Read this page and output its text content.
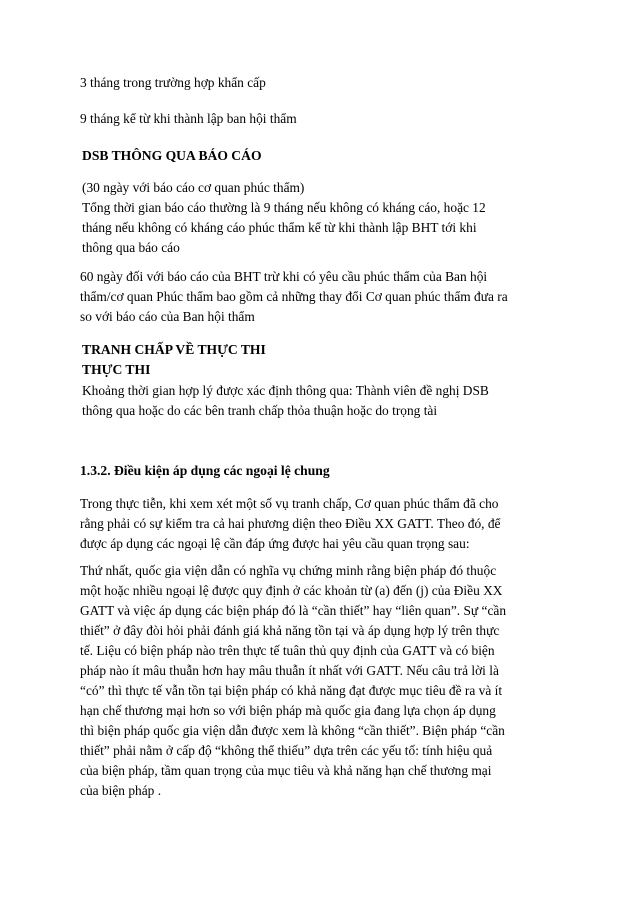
3 tháng trong trường hợp khẩn cấp

9 tháng kể từ khi thành lập ban hội thẩm

DSB THÔNG QUA BÁO CÁO

(30 ngày với báo cáo cơ quan phúc thẩm)

Tổng thời gian báo cáo thường là 9 tháng nếu không có kháng cáo, hoặc 12

tháng nếu không có kháng cáo phúc thẩm kể từ khi thành lập BHT tới khi

thông qua báo cáo

60 ngày đối với báo cáo của BHT trừ khi có yêu cầu phúc thẩm của Ban hội

thẩm/cơ quan Phúc thẩm bao gồm cả những thay đổi Cơ quan phúc thẩm đưa ra

so với báo cáo của Ban hội thẩm

TRANH CHẤP VỀ THỰC THI

THỰC THI

Khoảng thời gian hợp lý được xác định thông qua: Thành viên đề nghị DSB

thông qua hoặc do các bên tranh chấp thỏa thuận hoặc do trọng tài

1.3.2. Điều kiện áp dụng các ngoại lệ chung

Trong thực tiễn, khi xem xét một số vụ tranh chấp, Cơ quan phúc thẩm đã cho

rằng phải có sự kiểm tra cả hai phương diện theo Điều XX GATT. Theo đó, để

được áp dụng các ngoại lệ cần đáp ứng được hai yêu cầu quan trọng sau:

Thứ nhất, quốc gia viện dẫn có nghĩa vụ chứng minh rằng biện pháp đó thuộc

một hoặc nhiều ngoại lệ được quy định ở các khoản từ (a) đến (j) của Điều XX

GATT và việc áp dụng các biện pháp đó là “cần thiết” hay “liên quan”. Sự “cần

thiết” ở đây đòi hỏi phải đánh giá khả năng tồn tại và áp dụng hợp lý trên thực

tế. Liệu có biện pháp nào trên thực tế tuân thủ quy định của GATT và có biện

pháp nào ít mâu thuẫn hơn hay mâu thuẫn ít nhất với GATT. Nếu câu trả lời là

“có” thì thực tế vẫn tồn tại biện pháp có khả năng đạt được mục tiêu đề ra và ít

hạn chế thương mại hơn so với biện pháp mà quốc gia đang lựa chọn áp dụng

thì biện pháp quốc gia viện dẫn được xem là không “cần thiết”. Biện pháp “cần

thiết” phải nằm ở cấp độ “không thể thiếu” dựa trên các yếu tố: tính hiệu quả

của biện pháp, tầm quan trọng của mục tiêu và khả năng hạn chế thương mại

của biện pháp .
